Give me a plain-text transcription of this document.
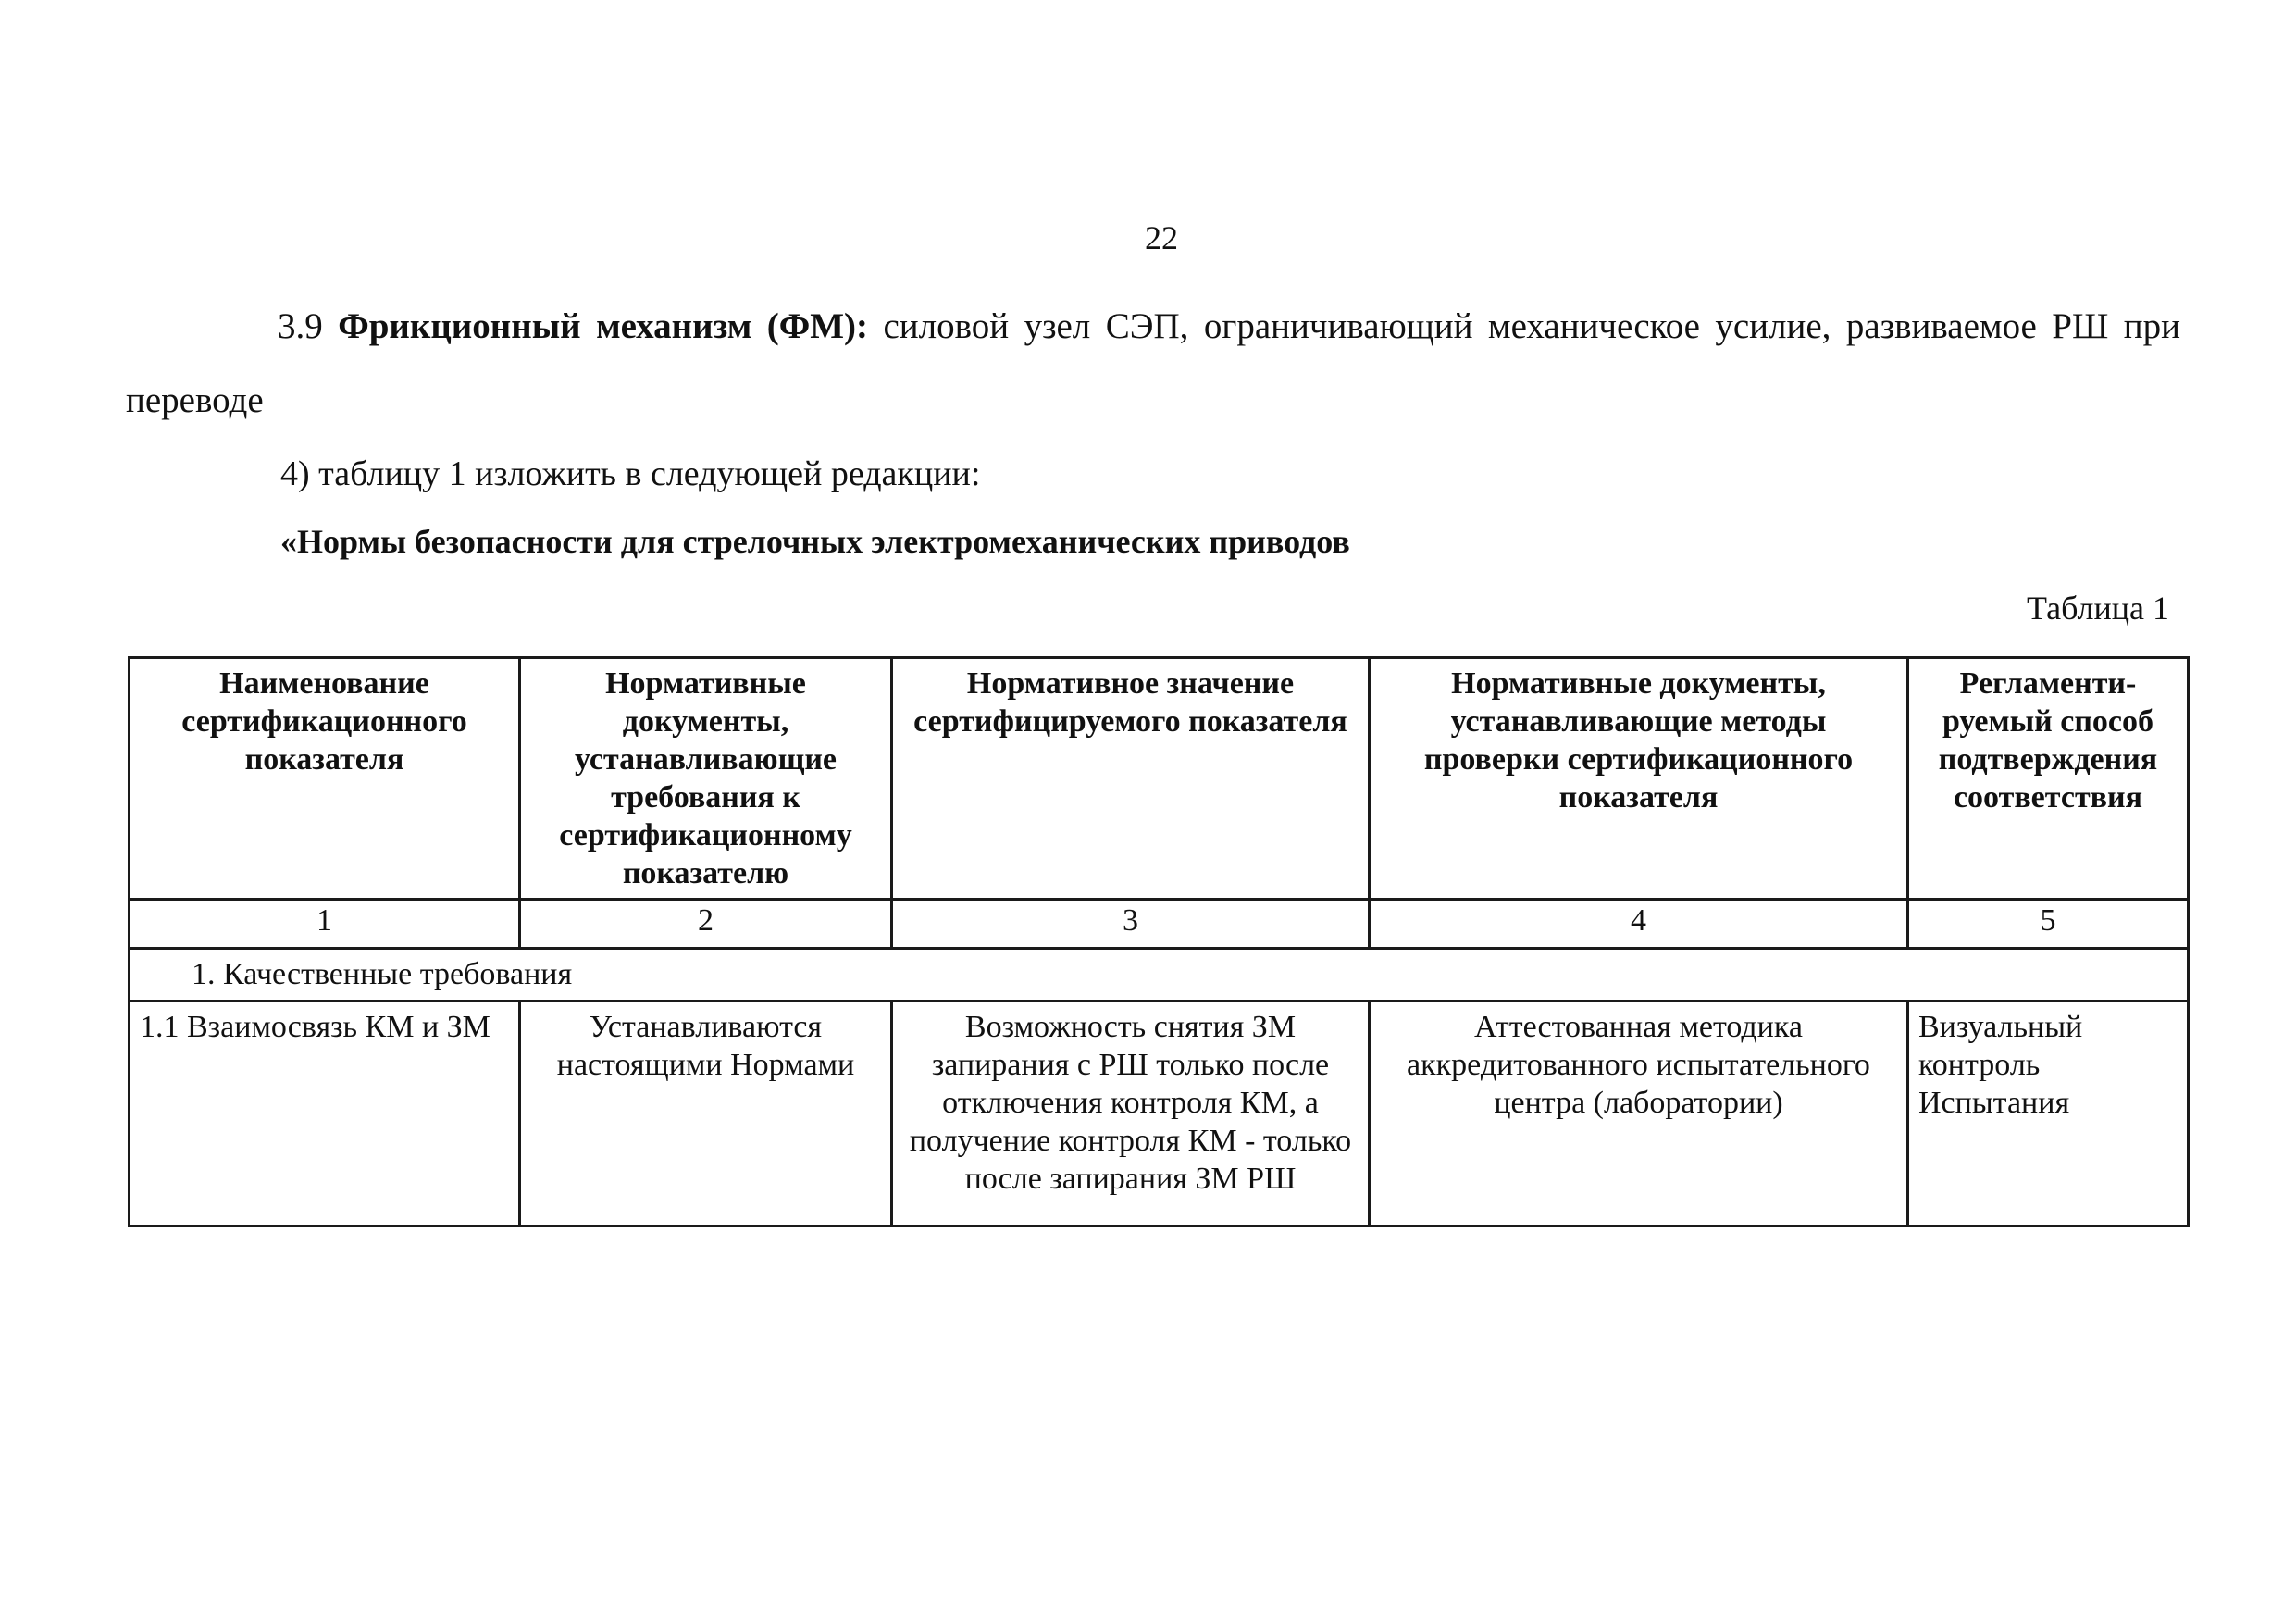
22

3.9 Фрикционный механизм (ФМ): силовой узел СЭП, ограничивающий механическое усилие, развиваемое РШ при переводе

4) таблицу 1 изложить в следующей редакции:
«Нормы безопасности для стрелочных электромеханических приводов
Таблица 1
Наименование сертификационного показателя	Нормативные документы, устанавливающие требования к сертификационному показателю	Нормативное значение сертифицируемого показателя	Нормативные документы, устанавливающие методы проверки сертификационного показателя	Регламенти-руемый способ подтверждения соответствия
1	2	3	4	5
1. Качественные требования				
1.1 Взаимосвязь КМ и ЗМ	Устанавливаются настоящими Нормами	Возможность снятия ЗМ запирания с РШ только после отключения контроля КМ, а получение контроля КМ - только после запирания ЗМ РШ	Аттестованная методика аккредитованного испытательного центра (лаборатории)	Визуальный контроль Испытания
